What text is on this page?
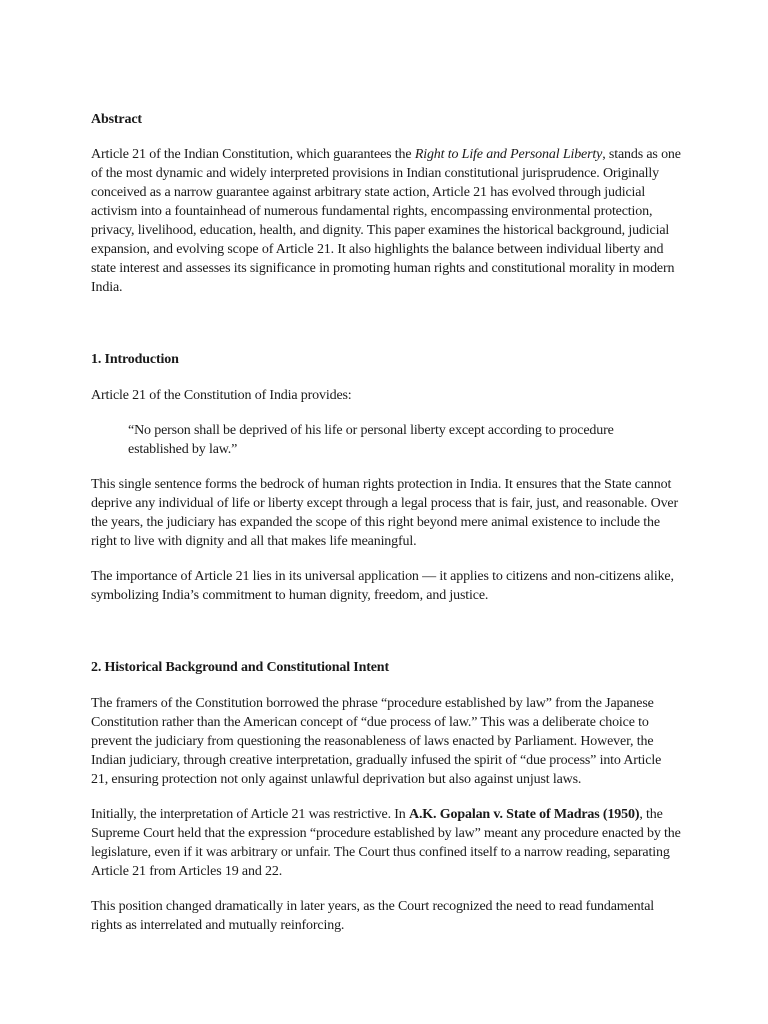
Abstract

Article 21 of the Indian Constitution, which guarantees the Right to Life and Personal Liberty, stands as one of the most dynamic and widely interpreted provisions in Indian constitutional jurisprudence. Originally conceived as a narrow guarantee against arbitrary state action, Article 21 has evolved through judicial activism into a fountainhead of numerous fundamental rights, encompassing environmental protection, privacy, livelihood, education, health, and dignity. This paper examines the historical background, judicial expansion, and evolving scope of Article 21. It also highlights the balance between individual liberty and state interest and assesses its significance in promoting human rights and constitutional morality in modern India.

1. Introduction

Article 21 of the Constitution of India provides:

“No person shall be deprived of his life or personal liberty except according to procedure established by law.”

This single sentence forms the bedrock of human rights protection in India. It ensures that the State cannot deprive any individual of life or liberty except through a legal process that is fair, just, and reasonable. Over the years, the judiciary has expanded the scope of this right beyond mere animal existence to include the right to live with dignity and all that makes life meaningful.

The importance of Article 21 lies in its universal application — it applies to citizens and non-citizens alike, symbolizing India’s commitment to human dignity, freedom, and justice.

2. Historical Background and Constitutional Intent

The framers of the Constitution borrowed the phrase “procedure established by law” from the Japanese Constitution rather than the American concept of “due process of law.” This was a deliberate choice to prevent the judiciary from questioning the reasonableness of laws enacted by Parliament. However, the Indian judiciary, through creative interpretation, gradually infused the spirit of “due process” into Article 21, ensuring protection not only against unlawful deprivation but also against unjust laws.

Initially, the interpretation of Article 21 was restrictive. In A.K. Gopalan v. State of Madras (1950), the Supreme Court held that the expression “procedure established by law” meant any procedure enacted by the legislature, even if it was arbitrary or unfair. The Court thus confined itself to a narrow reading, separating Article 21 from Articles 19 and 22.

This position changed dramatically in later years, as the Court recognized the need to read fundamental rights as interrelated and mutually reinforcing.
